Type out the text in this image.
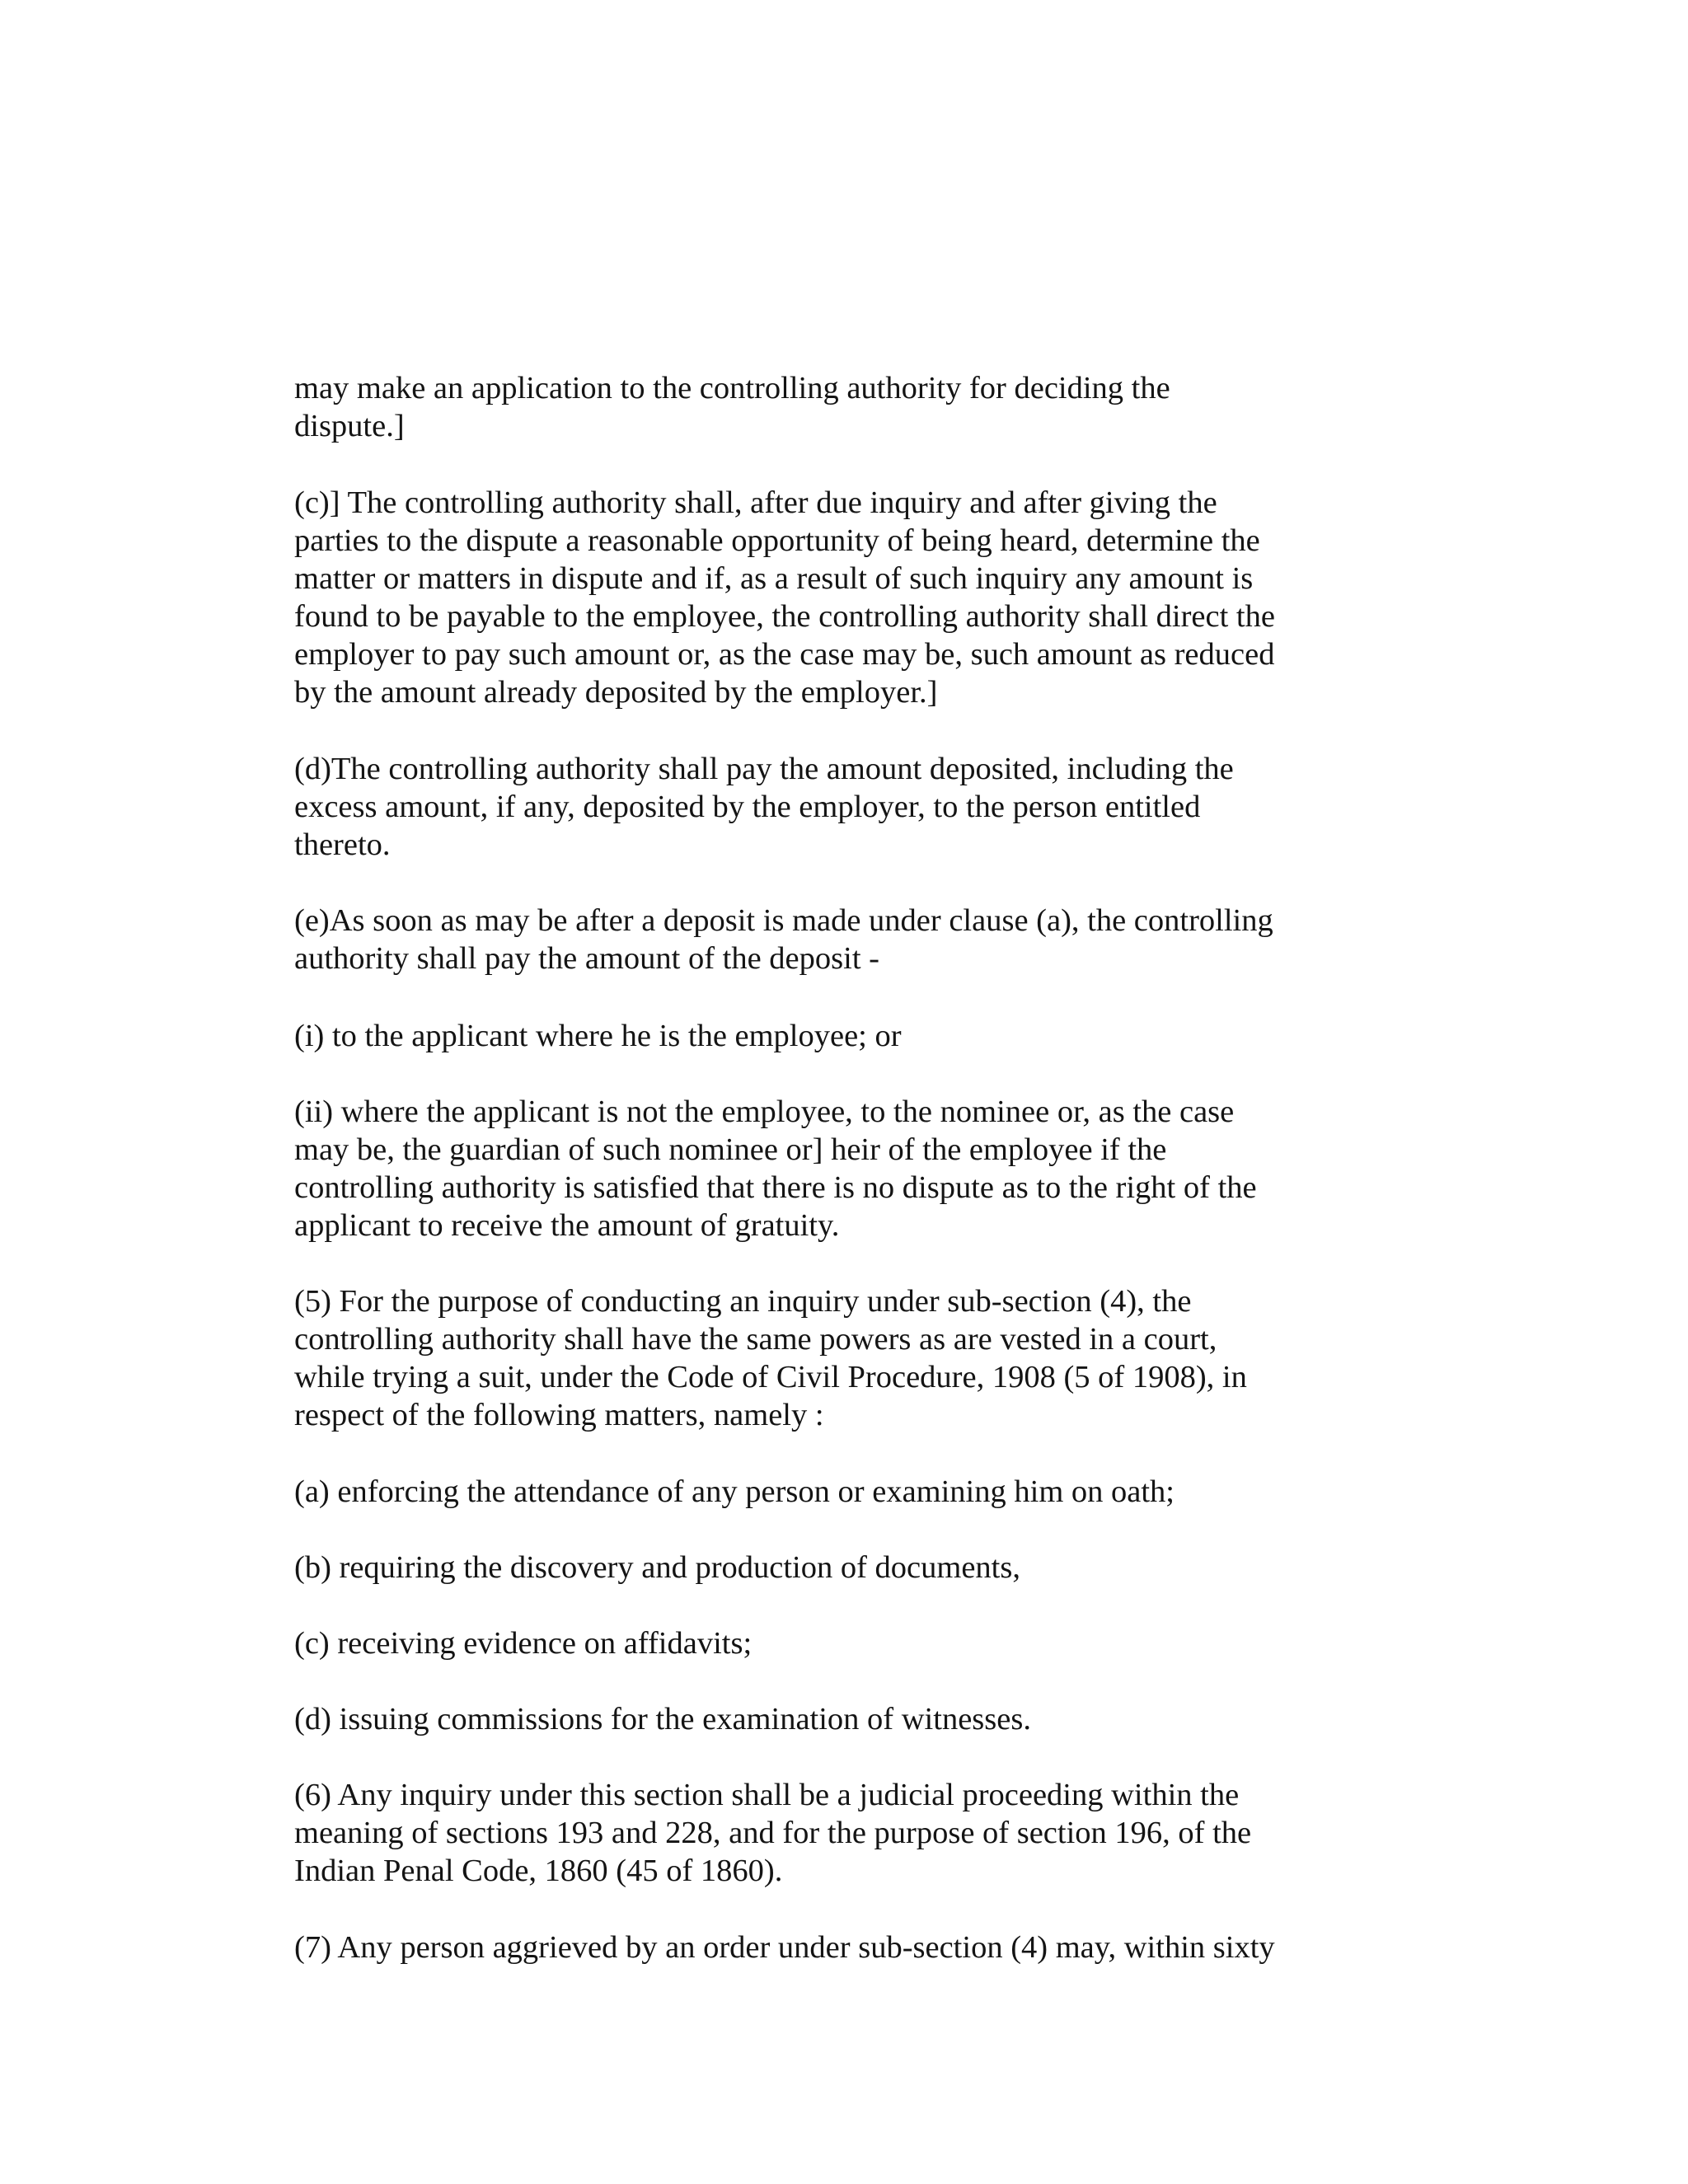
may make an application to the controlling authority for deciding the
dispute.]
(c)] The controlling authority shall, after due inquiry and after giving the
parties to the dispute a reasonable opportunity of being heard, determine the
matter or matters in dispute and if, as a result of such inquiry any amount is
found to be payable to the employee, the controlling authority shall direct the
employer to pay such amount or, as the case may be, such amount as reduced
by the amount already deposited by the employer.]
(d)The controlling authority shall pay the amount deposited, including the
excess amount, if any, deposited by the employer, to the person entitled
thereto.
(e)As soon as may be after a deposit is made under clause (a), the controlling
authority shall pay the amount of the deposit -
(i) to the applicant where he is the employee; or
(ii) where the applicant is not the employee, to the nominee or, as the case
may be, the guardian of such nominee or] heir of the employee if the
controlling authority is satisfied that there is no dispute as to the right of the
applicant to receive the amount of gratuity.
(5) For the purpose of conducting an inquiry under sub-section (4), the
controlling authority shall have the same powers as are vested in a court,
while trying a suit, under the Code of Civil Procedure, 1908 (5 of 1908), in
respect of the following matters, namely :
(a) enforcing the attendance of any person or examining him on oath;
(b) requiring the discovery and production of documents,
(c) receiving evidence on affidavits;
(d) issuing commissions for the examination of witnesses.
(6) Any inquiry under this section shall be a judicial proceeding within the
meaning of sections 193 and 228, and for the purpose of section 196, of the
Indian Penal Code, 1860 (45 of 1860).
(7) Any person aggrieved by an order under sub-section (4) may, within sixty
